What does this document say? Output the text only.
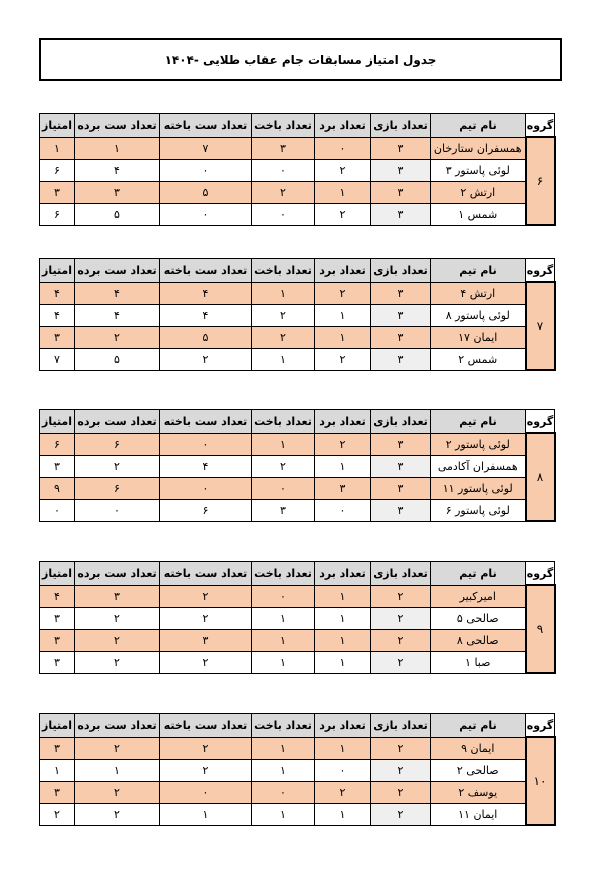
جدول امتیاز مسابقات جام عقاب طلایی -۱۴۰۴
گروه	نام تیم	تعداد بازی	تعداد برد	تعداد باخت	تعداد ست باخته	تعداد ست برده	امتیاز
۶	همسفران ستارخان	۳	۰	۳	۷	۱	۱
	لوئی پاستور ۳	۳	۲	۰	۰	۴	۶
	ارتش ۲	۳	۱	۲	۵	۳	۳
	شمس ۱	۳	۲	۰	۰	۵	۶
گروه	نام تیم	تعداد بازی	تعداد برد	تعداد باخت	تعداد ست باخته	تعداد ست برده	امتیاز
۷	ارتش ۴	۳	۲	۱	۴	۴	۴
	لوئی پاستور ۸	۳	۱	۲	۴	۴	۴
	ایمان ۱۷	۳	۱	۲	۵	۲	۳
	شمس ۲	۳	۲	۱	۲	۵	۷
گروه	نام تیم	تعداد بازی	تعداد برد	تعداد باخت	تعداد ست باخته	تعداد ست برده	امتیاز
۸	لوئی پاستور ۲	۳	۲	۱	۰	۶	۶
	همسفران آکادمی	۳	۱	۲	۴	۲	۳
	لوئی پاستور ۱۱	۳	۳	۰	۰	۶	۹
	لوئی پاستور ۶	۳	۰	۳	۶	۰	۰
گروه	نام تیم	تعداد بازی	تعداد برد	تعداد باخت	تعداد ست باخته	تعداد ست برده	امتیاز
۹	امیرکبیر	۲	۱	۰	۲	۳	۴
	صالحی ۵	۲	۱	۱	۲	۲	۳
	صالحی ۸	۲	۱	۱	۳	۲	۳
	صبا ۱	۲	۱	۱	۲	۲	۳
گروه	نام تیم	تعداد بازی	تعداد برد	تعداد باخت	تعداد ست باخته	تعداد ست برده	امتیاز
۱۰	ایمان ۹	۲	۱	۱	۲	۲	۳
	صالحی ۲	۲	۰	۱	۲	۱	۱
	یوسف ۲	۲	۲	۰	۰	۲	۳
	ایمان ۱۱	۲	۱	۱	۱	۲	۲
